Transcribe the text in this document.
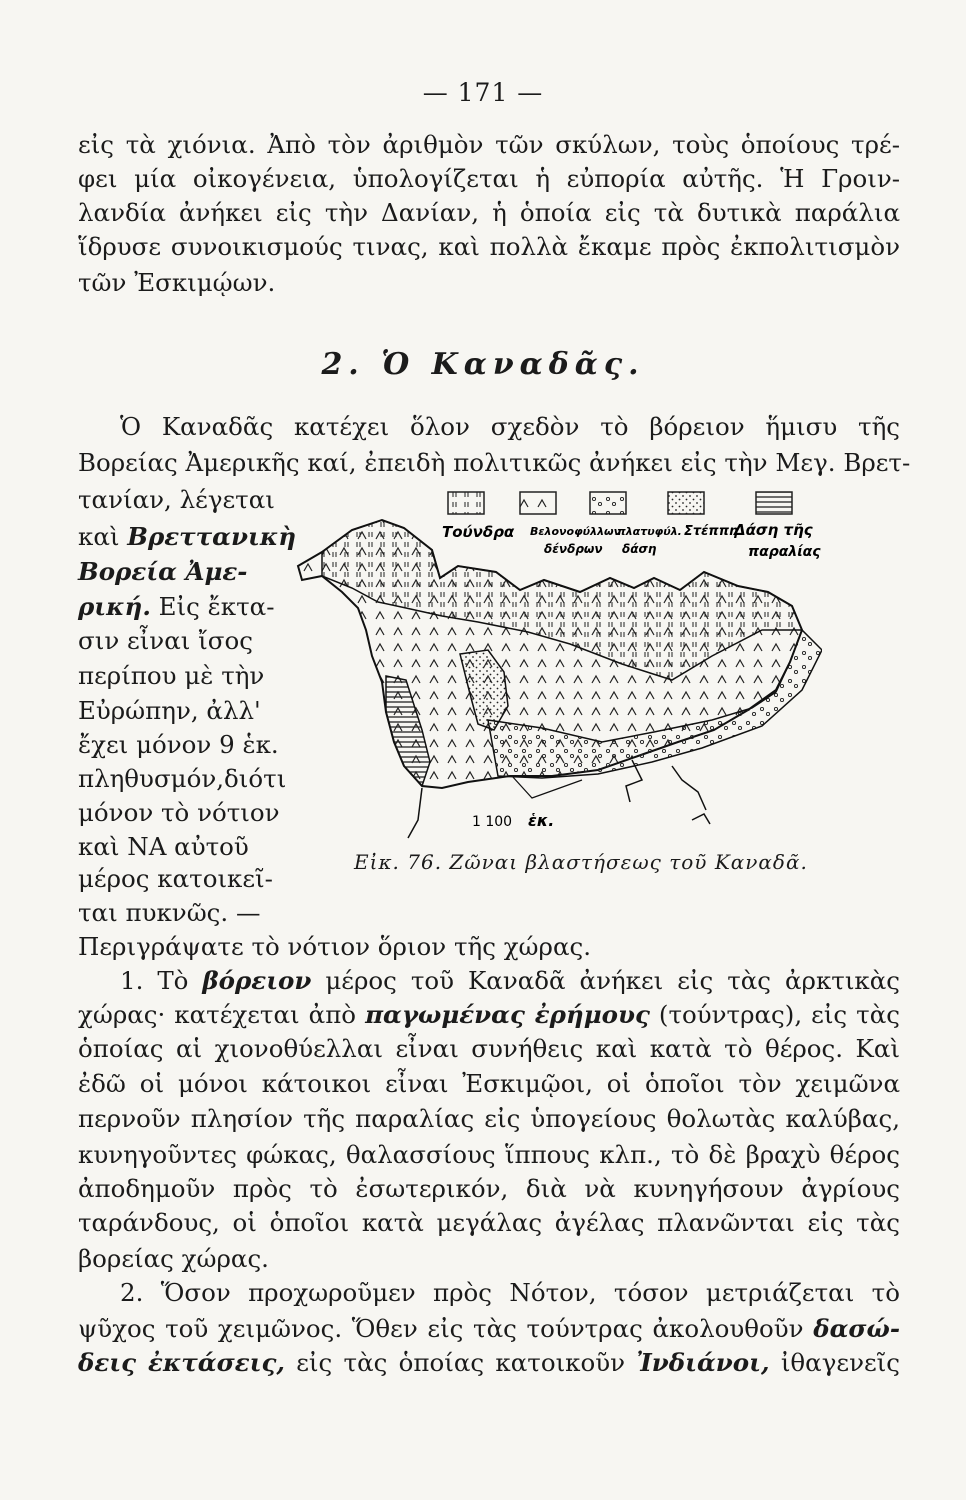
— 171 —
εἰς τὰ χιόνια. Ἀπὸ τὸν ἀριθμὸν τῶν σκύλων, τοὺς ὁποίους τρέ-
φει μία οἰκογένεια, ὑπολογίζεται ἡ εὐπορία αὐτῆς. Ἡ Γροιν-
λανδία ἀνήκει εἰς τὴν Δανίαν, ἡ ὁποία εἰς τὰ δυτικὰ παράλια
ἵδρυσε συνοικισμούς τινας, καὶ πολλὰ ἔκαμε πρὸς ἐκπολιτισμὸν
τῶν Ἐσκιμῴων.
2. Ὁ Καναδᾶς.
Ὁ Καναδᾶς κατέχει ὅλον σχεδὸν τὸ βόρειον ἥμισυ τῆς
Βορείας Ἀμερικῆς καί, ἐπειδὴ πολιτικῶς ἀνήκει εἰς τὴν Μεγ. Βρετ-
τανίαν, λέγεται
καὶ Βρεττανικὴ
Βορεία Ἀμε-
ρική. Εἰς ἔκτα-
σιν εἶναι ἴσος
περίπου μὲ τὴν
Εὐρώπην, ἀλλ'
ἔχει μόνον 9 ἑκ.
πληθυσμόν,διότι
μόνον τὸ νότιον
καὶ ΝΑ αὐτοῦ
μέρος κατοικεῖ-
ται πυκνῶς. —
Περιγράψατε τὸ νότιον ὅριον τῆς χώρας.
Τούνδρα Βελονοφύλλων
δένδρων
πλατυφύλ.
δάση
Στέππη
Δάση τῆς
παραλίας
1 100 ἑκ.
Εἰκ. 76. Ζῶναι βλαστήσεως τοῦ Καναδᾶ.
1. Τὸ βόρειον μέρος τοῦ Καναδᾶ ἀνήκει εἰς τὰς ἀρκτικὰς
χώρας· κατέχεται ἀπὸ παγωμένας ἐρήμους (τούντρας), εἰς τὰς
ὁποίας αἱ χιονοθύελλαι εἶναι συνήθεις καὶ κατὰ τὸ θέρος. Καὶ
ἐδῶ οἱ μόνοι κάτοικοι εἶναι Ἐσκιμῷοι, οἱ ὁποῖοι τὸν χειμῶνα
περνοῦν πλησίον τῆς παραλίας εἰς ὑπογείους θολωτὰς καλύβας,
κυνηγοῦντες φώκας, θαλασσίους ἵππους κλπ., τὸ δὲ βραχὺ θέρος
ἀποδημοῦν πρὸς τὸ ἐσωτερικόν, διὰ νὰ κυνηγήσουν ἀγρίους
ταράνδους, οἱ ὁποῖοι κατὰ μεγάλας ἀγέλας πλανῶνται εἰς τὰς
βορείας χώρας.
2. Ὅσον προχωροῦμεν πρὸς Νότον, τόσον μετριάζεται τὸ
ψῦχος τοῦ χειμῶνος. Ὅθεν εἰς τὰς τούντρας ἀκολουθοῦν δασώ-
δεις ἐκτάσεις, εἰς τὰς ὁποίας κατοικοῦν Ἰνδιάνοι, ἰθαγενεῖς
